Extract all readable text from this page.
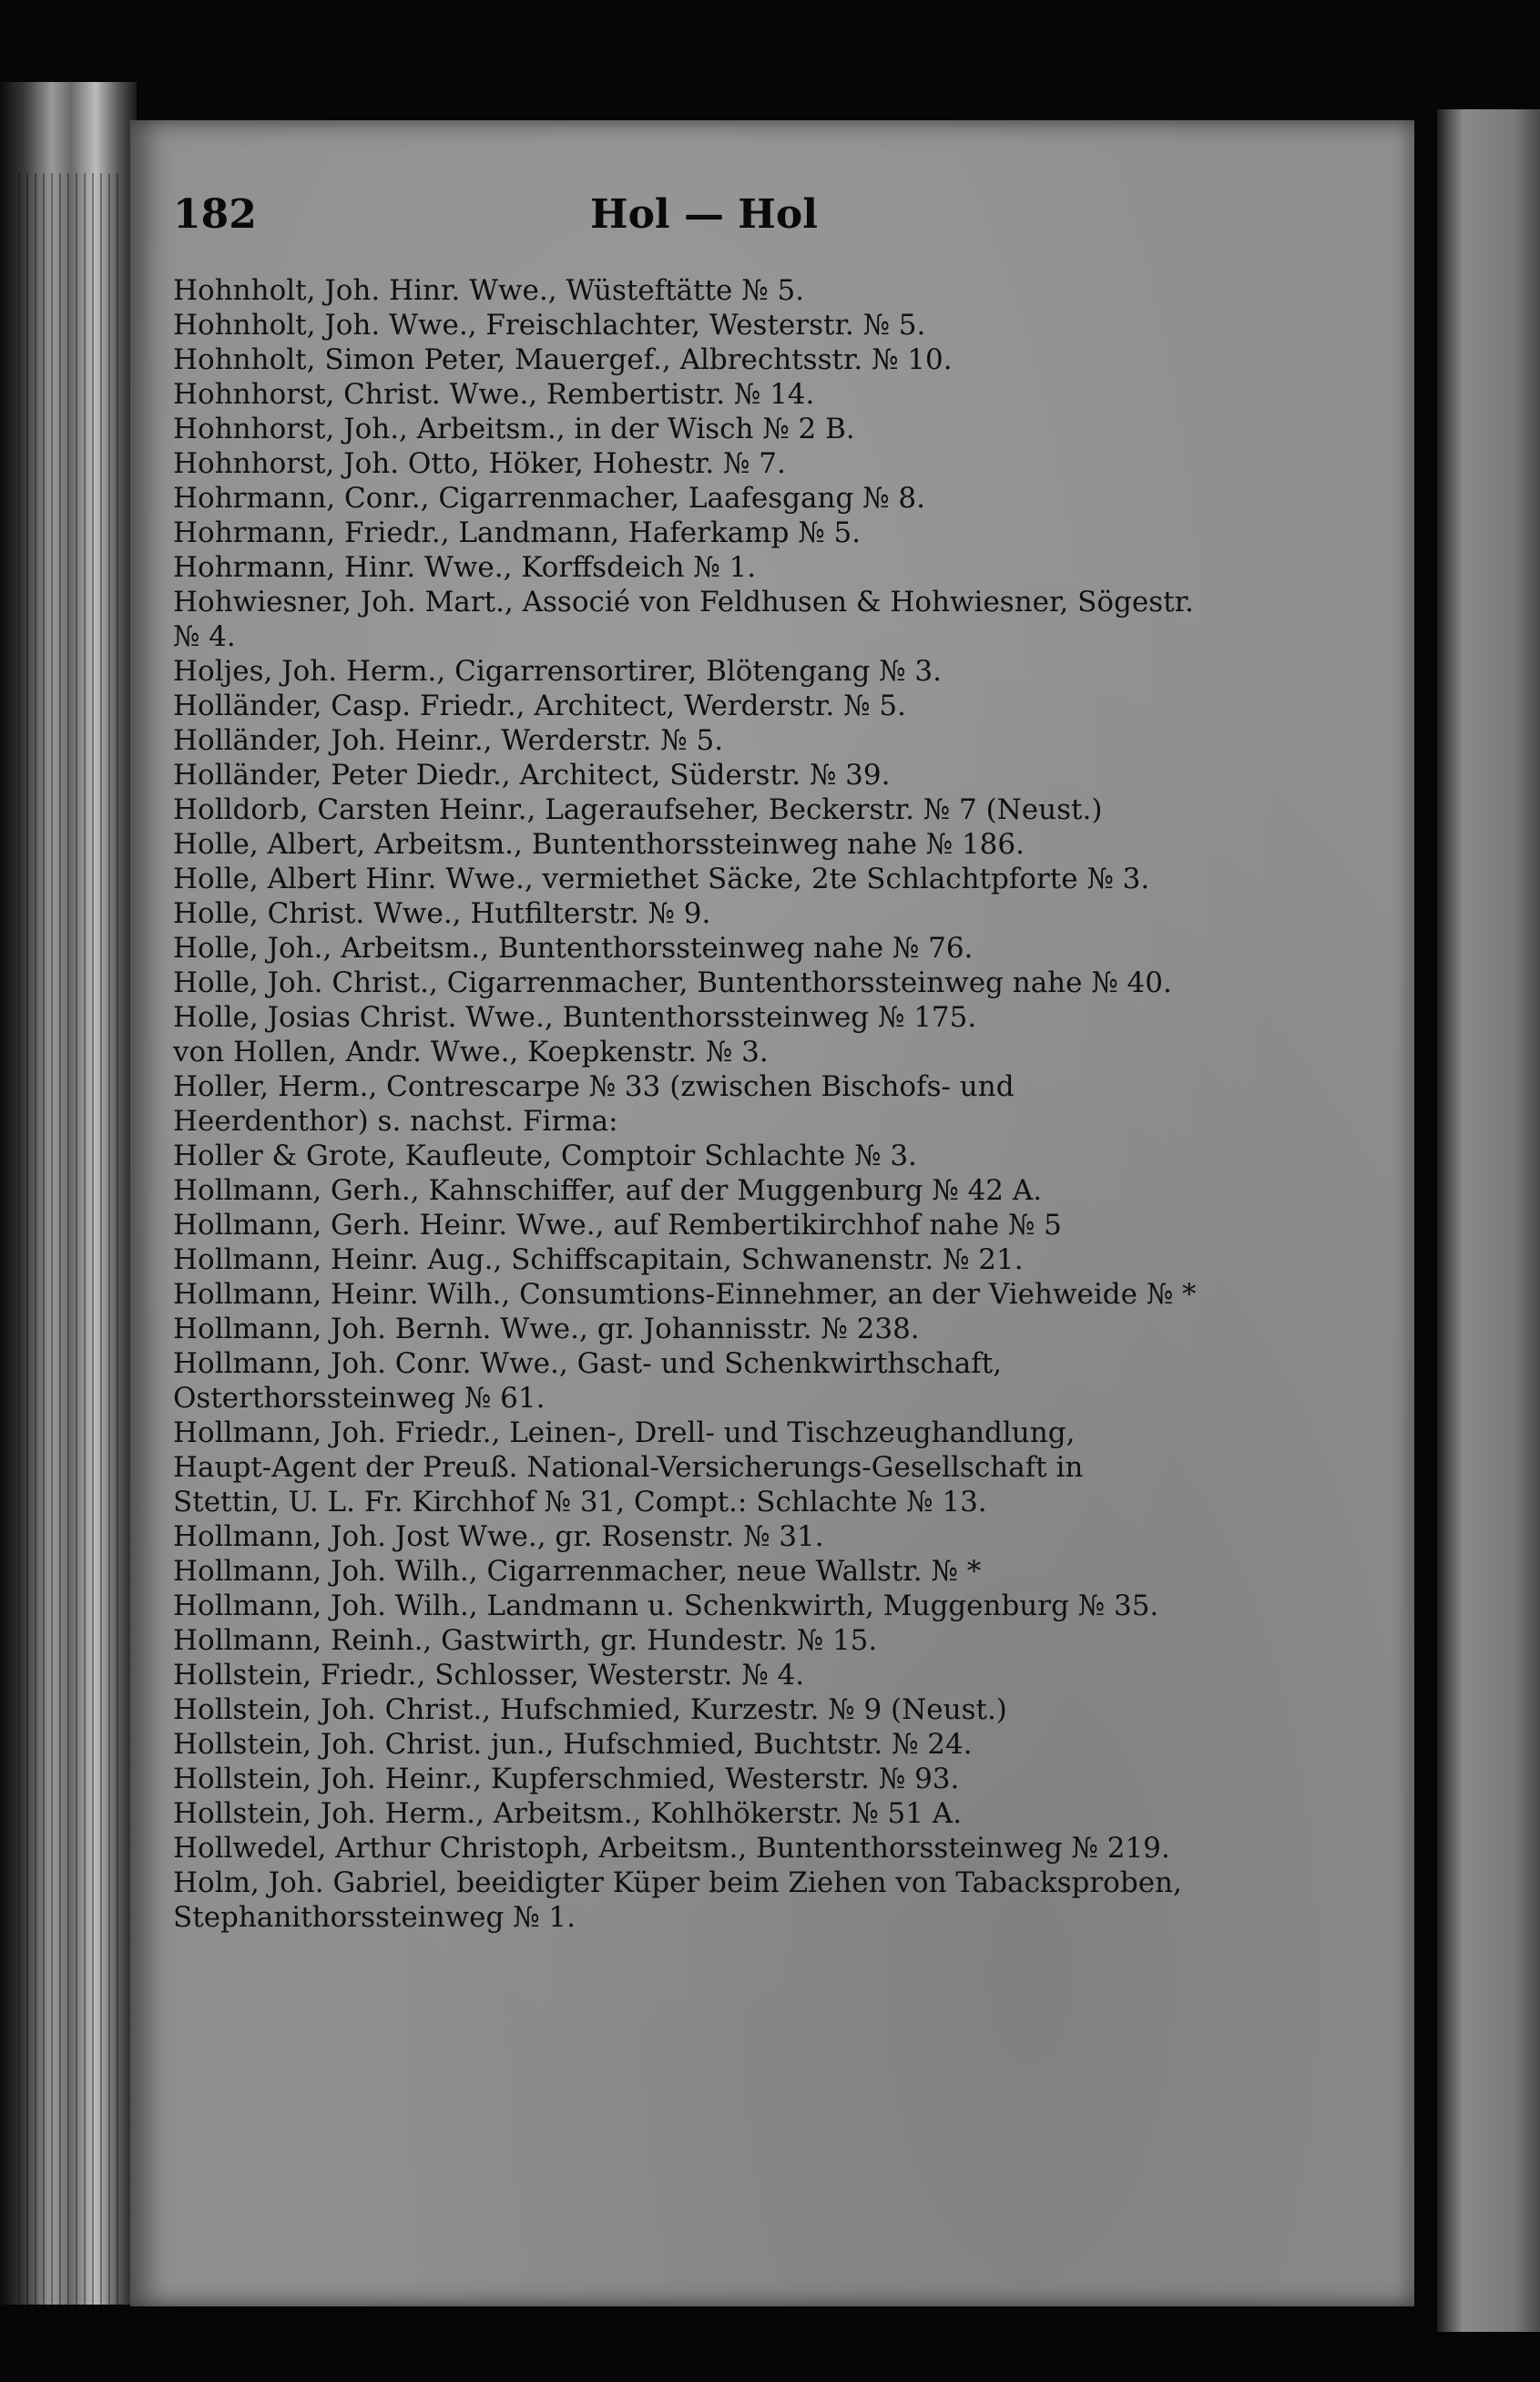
182	Hol — Hol

Hohnholt, Joh. Hinr. Wwe., Wüsteftätte № 5.

Hohnholt, Joh. Wwe., Freischlachter, Westerstr. № 5.

Hohnholt, Simon Peter, Mauergef., Albrechtsstr. № 10.

Hohnhorst, Christ. Wwe., Rembertistr. № 14.

Hohnhorst, Joh., Arbeitsm., in der Wisch № 2 B.

Hohnhorst, Joh. Otto, Höker, Hohestr. № 7.

Hohrmann, Conr., Cigarrenmacher, Laafesgang № 8.

Hohrmann, Friedr., Landmann, Haferkamp № 5.

Hohrmann, Hinr. Wwe., Korffsdeich № 1.

Hohwiesner, Joh. Mart., Associé von Feldhusen & Hohwiesner, Sögestr.
№ 4.

Holjes, Joh. Herm., Cigarrensortirer, Blötengang № 3.

Holländer, Casp. Friedr., Architect, Werderstr. № 5.

Holländer, Joh. Heinr., Werderstr. № 5.

Holländer, Peter Diedr., Architect, Süderstr. № 39.

Holldorb, Carsten Heinr., Lageraufseher, Beckerstr. № 7 (Neust.)

Holle, Albert, Arbeitsm., Buntenthorssteinweg nahe № 186.

Holle, Albert Hinr. Wwe., vermiethet Säcke, 2te Schlachtpforte № 3.

Holle, Christ. Wwe., Hutfilterstr. № 9.

Holle, Joh., Arbeitsm., Buntenthorssteinweg nahe № 76.

Holle, Joh. Christ., Cigarrenmacher, Buntenthorssteinweg nahe № 40.

Holle, Josias Christ. Wwe., Buntenthorssteinweg № 175.

von Hollen, Andr. Wwe., Koepkenstr. № 3.

Holler, Herm., Contrescarpe № 33 (zwischen Bischofs- und
Heerdenthor) s. nachst. Firma:

Holler & Grote, Kaufleute, Comptoir Schlachte № 3.

Hollmann, Gerh., Kahnschiffer, auf der Muggenburg № 42 A.

Hollmann, Gerh. Heinr. Wwe., auf Rembertikirchhof nahe № 5

Hollmann, Heinr. Aug., Schiffscapitain, Schwanenstr. № 21.

Hollmann, Heinr. Wilh., Consumtions-Einnehmer, an der Viehweide № *

Hollmann, Joh. Bernh. Wwe., gr. Johannisstr. № 238.

Hollmann, Joh. Conr. Wwe., Gast- und Schenkwirthschaft,
Osterthorssteinweg № 61.

Hollmann, Joh. Friedr., Leinen-, Drell- und Tischzeughandlung,
Haupt-Agent der Preuß. National-Versicherungs-Gesellschaft in
Stettin, U. L. Fr. Kirchhof № 31, Compt.: Schlachte № 13.

Hollmann, Joh. Jost Wwe., gr. Rosenstr. № 31.

Hollmann, Joh. Wilh., Cigarrenmacher, neue Wallstr. № *

Hollmann, Joh. Wilh., Landmann u. Schenkwirth, Muggenburg № 35.

Hollmann, Reinh., Gastwirth, gr. Hundestr. № 15.

Hollstein, Friedr., Schlosser, Westerstr. № 4.

Hollstein, Joh. Christ., Hufschmied, Kurzestr. № 9 (Neust.)

Hollstein, Joh. Christ. jun., Hufschmied, Buchtstr. № 24.

Hollstein, Joh. Heinr., Kupferschmied, Westerstr. № 93.

Hollstein, Joh. Herm., Arbeitsm., Kohlhökerstr. № 51 A.

Hollwedel, Arthur Christoph, Arbeitsm., Buntenthorssteinweg № 219.

Holm, Joh. Gabriel, beeidigter Küper beim Ziehen von Tabacksproben,
Stephanithorssteinweg № 1.
